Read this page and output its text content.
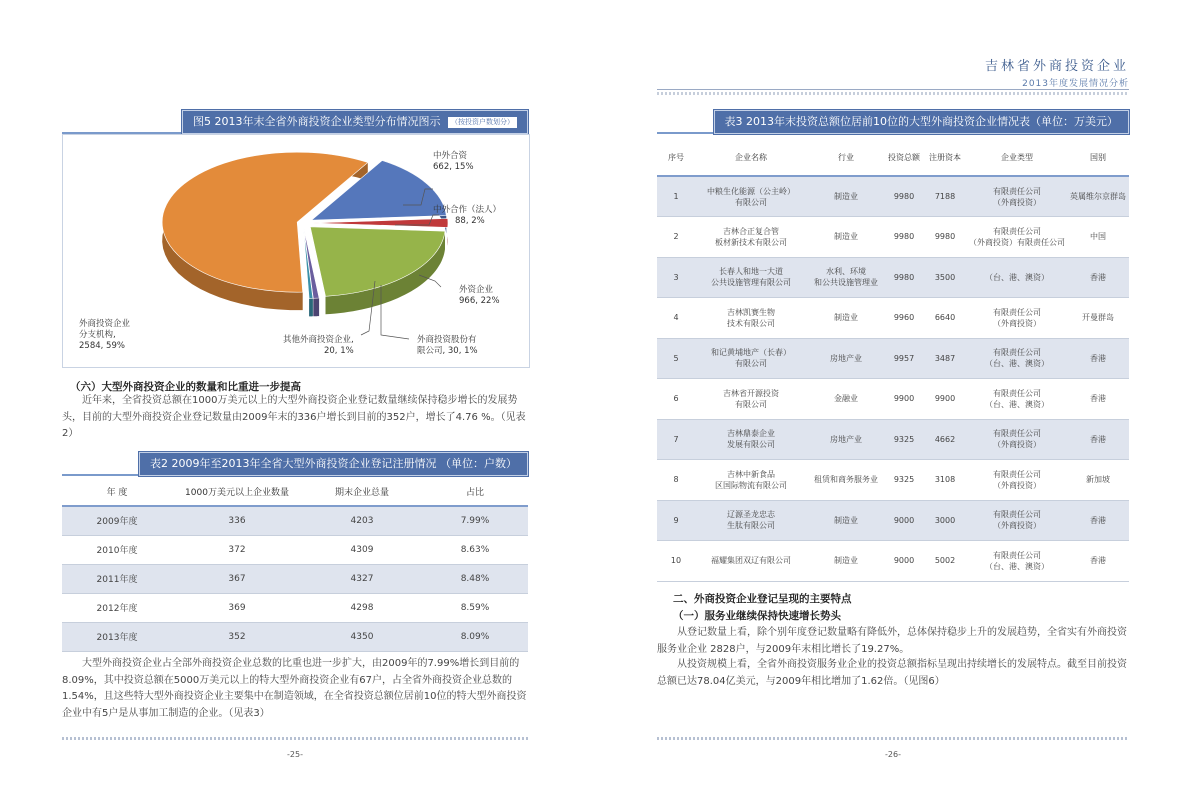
图5 2013年末全省外商投资企业类型分布情况图示 （按投资户数划分）
中外合资
662, 15%
中外合作（法人）
88, 2%
外资企业
966, 22%
外商投资企业
分支机构,
2584, 59%
其他外商投资企业,
20, 1%
外商投资股份有
限公司, 30, 1%
（六）大型外商投资企业的数量和比重进一步提高

近年来，全省投资总额在1000万美元以上的大型外商投资企业登记数量继续保持稳步增长的发展势头，目前的大型外商投资企业登记数量由2009年末的336户增长到目前的352户，增长了4.76 %。（见表2）

表2 2009年至2013年全省大型外商投资企业登记注册情况 （单位：户数）
年 度	1000万美元以上企业数量	期末企业总量	占比
2009年度	336	4203	7.99%
2010年度	372	4309	8.63%
2011年度	367	4327	8.48%
2012年度	369	4298	8.59%
2013年度	352	4350	8.09%

大型外商投资企业占全部外商投资企业总数的比重也进一步扩大，由2009年的7.99%增长到目前的8.09%，其中投资总额在5000万美元以上的特大型外商投资企业有67户，占全省外商投资企业总数的1.54%，且这些特大型外商投资企业主要集中在制造领域，在全省投资总额位居前10位的特大型外商投资企业中有5户是从事加工制造的企业。（见表3）

-25-
吉林省外商投资企业
2013年度发展情况分析
表3 2013年末投资总额位居前10位的大型外商投资企业情况表（单位：万美元）
序号	企业名称	行业	投资总额	注册资本	企业类型	国别
1	中粮生化能源（公主岭）
有限公司	制造业	9980	7188	有限责任公司
（外商投资）	英属维尔京群岛
2	吉林合正复合管
板材新技术有限公司	制造业	9980	9980	有限责任公司
（外商投资）有限责任公司	中国
3	长春人和地一大道
公共设施管理有限公司	水利、环境
和公共设施管理业	9980	3500	（台、港、澳资）	香港
4	吉林凯赛生物
技术有限公司	制造业	9960	6640	有限责任公司
（外商投资）	开曼群岛
5	和记黄埔地产（长春）
有限公司	房地产业	9957	3487	有限责任公司
（台、港、澳资）	香港
6	吉林省开源投资
有限公司	金融业	9900	9900	有限责任公司
（台、港、澳资）	香港
7	吉林鼎泰企业
发展有限公司	房地产业	9325	4662	有限责任公司
（外商投资）	香港
8	吉林中新食品
区国际物流有限公司	租赁和商务服务业	9325	3108	有限责任公司
（外商投资）	新加坡
9	辽源圣龙忠志
生肽有限公司	制造业	9000	3000	有限责任公司
（外商投资）	香港
10	福耀集团双辽有限公司	制造业	9000	5002	有限责任公司
（台、港、澳资）	香港
二、外商投资企业登记呈现的主要特点
（一）服务业继续保持快速增长势头

从登记数量上看，除个别年度登记数量略有降低外，总体保持稳步上升的发展趋势，全省实有外商投资服务业企业 2828户，与2009年末相比增长了19.27%。

从投资规模上看，全省外商投资服务业企业的投资总额指标呈现出持续增长的发展特点。截至目前投资总额已达78.04亿美元，与2009年相比增加了1.62倍。（见图6）

-26-
